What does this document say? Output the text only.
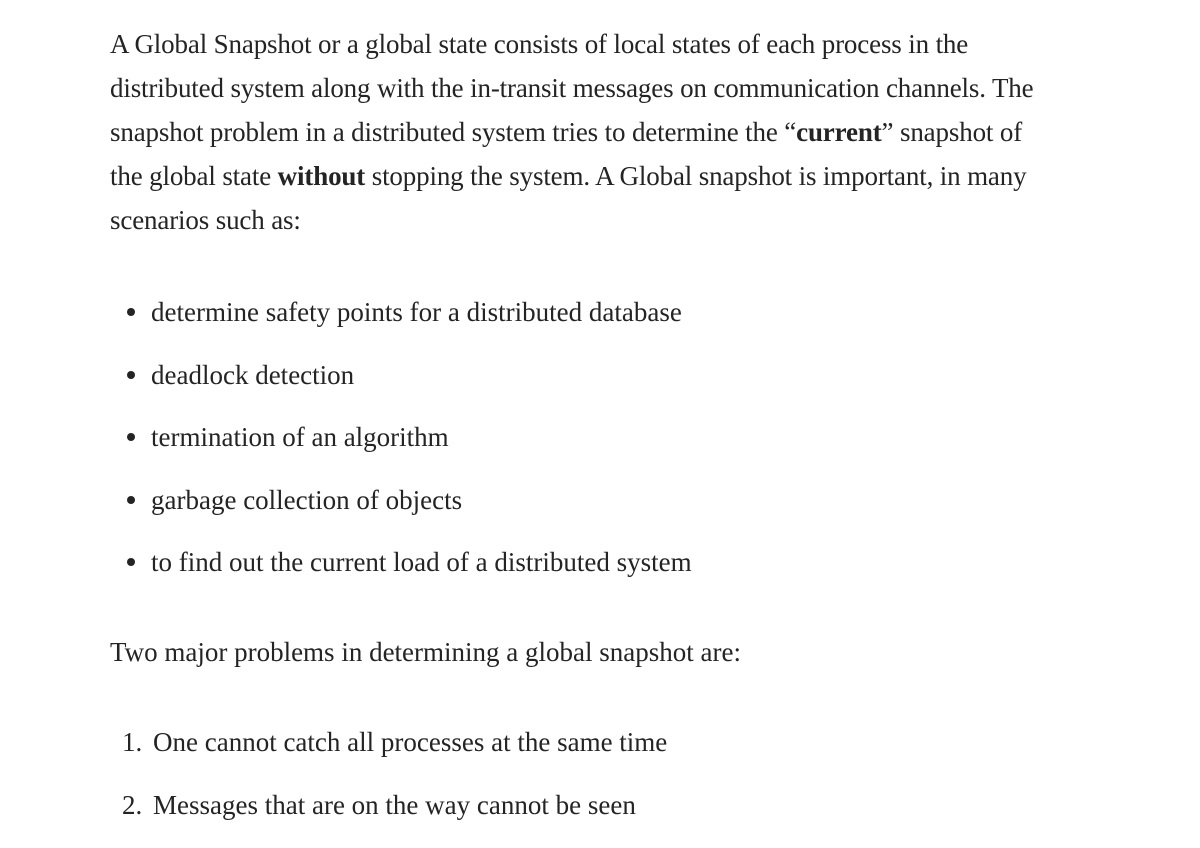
A Global Snapshot or a global state consists of local states of each process in the distributed system along with the in-transit messages on communication channels. The snapshot problem in a distributed system tries to determine the “current” snapshot of the global state without stopping the system. A Global snapshot is important, in many scenarios such as:

determine safety points for a distributed database
deadlock detection
termination of an algorithm
garbage collection of objects
to find out the current load of a distributed system

Two major problems in determining a global snapshot are:

1. One cannot catch all processes at the same time
2. Messages that are on the way cannot be seen
